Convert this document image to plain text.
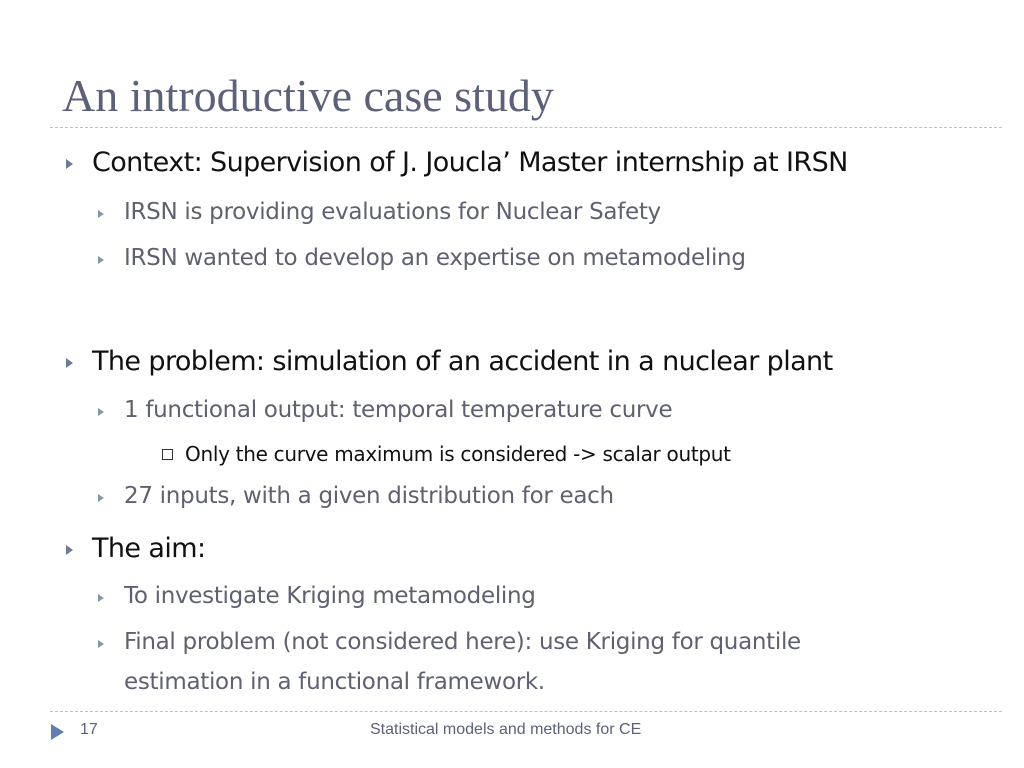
An introductive case study
Context: Supervision of J. Joucla’ Master internship at IRSN
IRSN is providing evaluations for Nuclear Safety
IRSN wanted to develop an expertise on metamodeling
The problem: simulation of an accident in a nuclear plant
1 functional output: temporal temperature curve
Only the curve maximum is considered -> scalar output
27 inputs, with a given distribution for each
The aim:
To investigate Kriging metamodeling
Final problem (not considered here): use Kriging for quantile
estimation in a functional framework.
17	Statistical models and methods for CE
